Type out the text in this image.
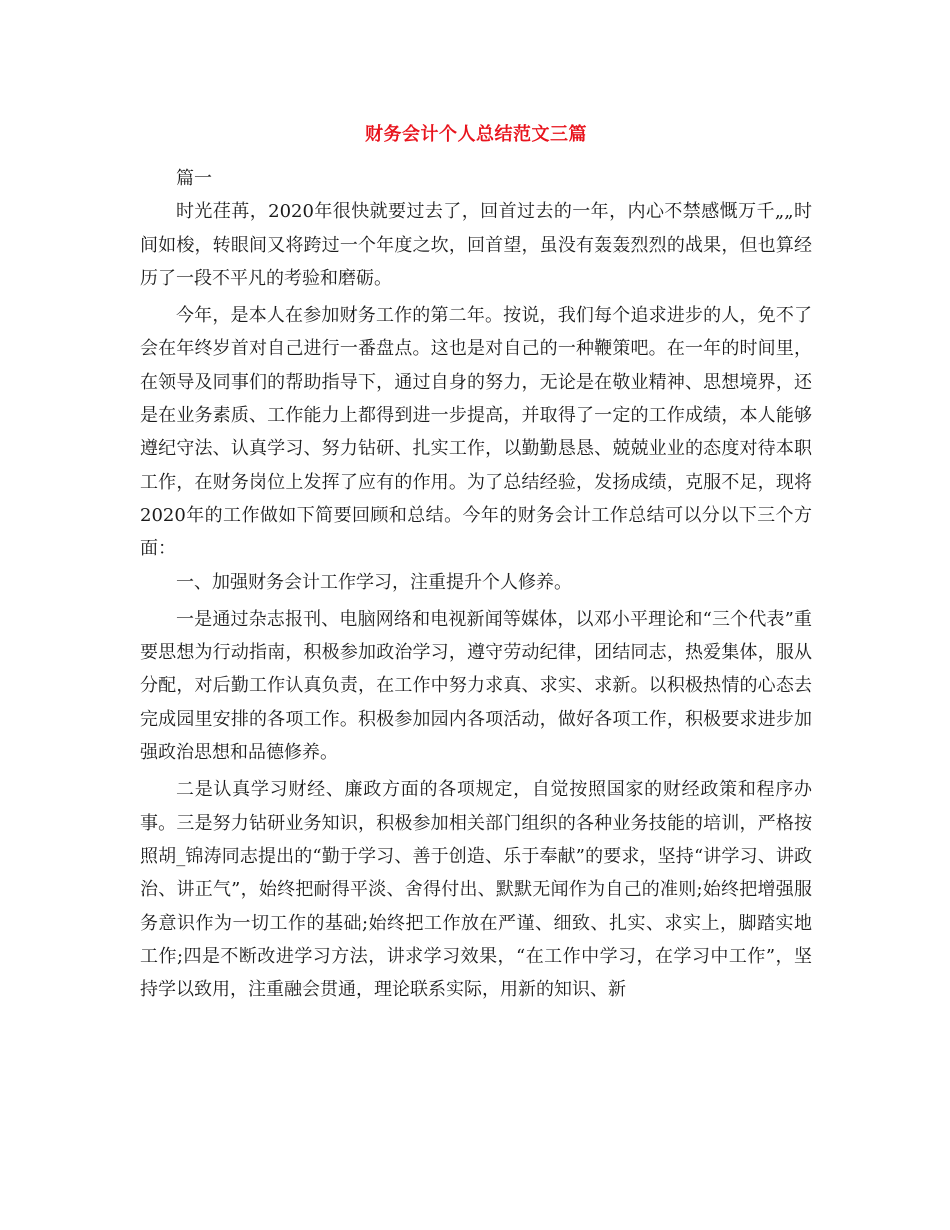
财务会计个人总结范文三篇

篇一

时光荏苒，2020年很快就要过去了，回首过去的一年，内心不禁感慨万千„„时间如梭，转眼间又将跨过一个年度之坎，回首望，虽没有轰轰烈烈的战果，但也算经历了一段不平凡的考验和磨砺。

今年，是本人在参加财务工作的第二年。按说，我们每个追求进步的人，免不了会在年终岁首对自己进行一番盘点。这也是对自己的一种鞭策吧。在一年的时间里，在领导及同事们的帮助指导下，通过自身的努力，无论是在敬业精神、思想境界，还是在业务素质、工作能力上都得到进一步提高，并取得了一定的工作成绩，本人能够遵纪守法、认真学习、努力钻研、扎实工作，以勤勤恳恳、兢兢业业的态度对待本职工作，在财务岗位上发挥了应有的作用。为了总结经验，发扬成绩，克服不足，现将2020年的工作做如下简要回顾和总结。今年的财务会计工作总结可以分以下三个方面：

一、加强财务会计工作学习，注重提升个人修养。

一是通过杂志报刊、电脑网络和电视新闻等媒体，以邓小平理论和“三个代表”重要思想为行动指南，积极参加政治学习，遵守劳动纪律，团结同志，热爱集体，服从分配，对后勤工作认真负责，在工作中努力求真、求实、求新。以积极热情的心态去完成园里安排的各项工作。积极参加园内各项活动，做好各项工作，积极要求进步加强政治思想和品德修养。

二是认真学习财经、廉政方面的各项规定，自觉按照国家的财经政策和程序办事。三是努力钻研业务知识，积极参加相关部门组织的各种业务技能的培训，严格按照胡_锦涛同志提出的“勤于学习、善于创造、乐于奉献”的要求，坚持“讲学习、讲政治、讲正气”，始终把耐得平淡、舍得付出、默默无闻作为自己的准则;始终把增强服务意识作为一切工作的基础;始终把工作放在严谨、细致、扎实、求实上，脚踏实地工作;四是不断改进学习方法，讲求学习效果，“在工作中学习，在学习中工作”，坚持学以致用，注重融会贯通，理论联系实际，用新的知识、新
